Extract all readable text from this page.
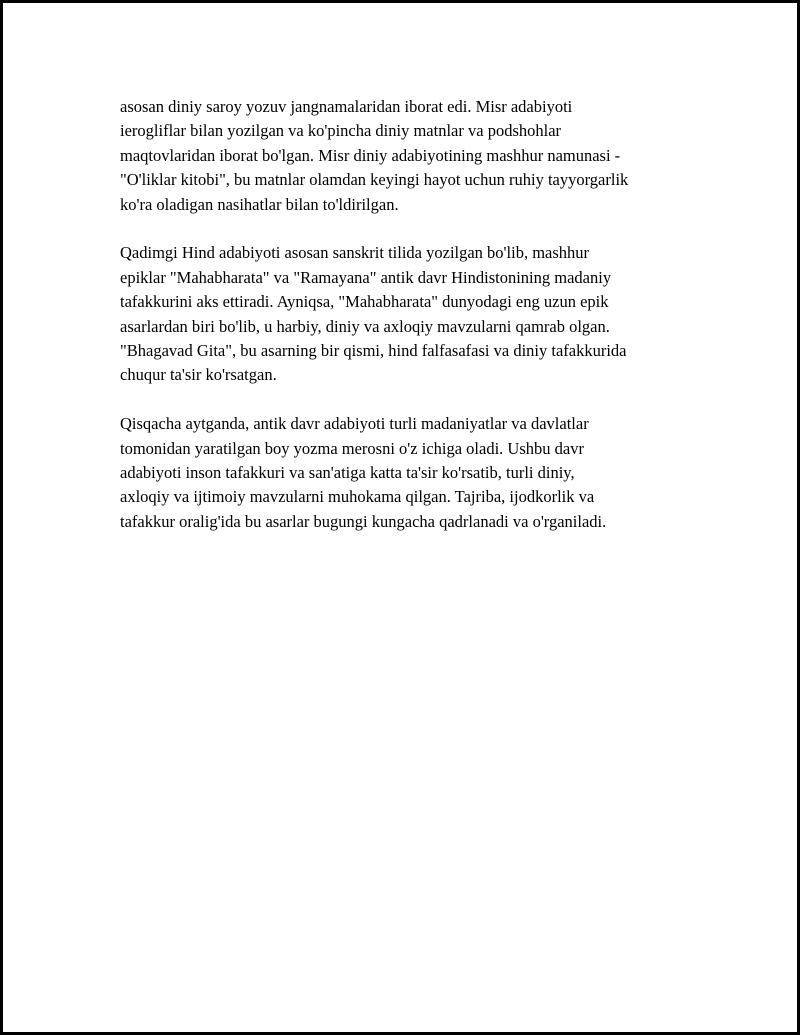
asosan diniy saroy yozuv jangnamalaridan iborat edi. Misr adabiyoti
ierogliflar bilan yozilgan va ko'pincha diniy matnlar va podshohlar
maqtovlaridan iborat bo'lgan. Misr diniy adabiyotining mashhur namunasi -
"O'liklar kitobi", bu matnlar olamdan keyingi hayot uchun ruhiy tayyorgarlik
ko'ra oladigan nasihatlar bilan to'ldirilgan.

Qadimgi Hind adabiyoti asosan sanskrit tilida yozilgan bo'lib, mashhur
epiklar "Mahabharata" va "Ramayana" antik davr Hindistonining madaniy
tafakkurini aks ettiradi. Ayniqsa, "Mahabharata" dunyodagi eng uzun epik
asarlardan biri bo'lib, u harbiy, diniy va axloqiy mavzularni qamrab olgan.
"Bhagavad Gita", bu asarning bir qismi, hind falfasafasi va diniy tafakkurida
chuqur ta'sir ko'rsatgan.

Qisqacha aytganda, antik davr adabiyoti turli madaniyatlar va davlatlar
tomonidan yaratilgan boy yozma merosni o'z ichiga oladi. Ushbu davr
adabiyoti inson tafakkuri va san'atiga katta ta'sir ko'rsatib, turli diniy,
axloqiy va ijtimoiy mavzularni muhokama qilgan. Tajriba, ijodkorlik va
tafakkur oralig'ida bu asarlar bugungi kungacha qadrlanadi va o'rganiladi.
